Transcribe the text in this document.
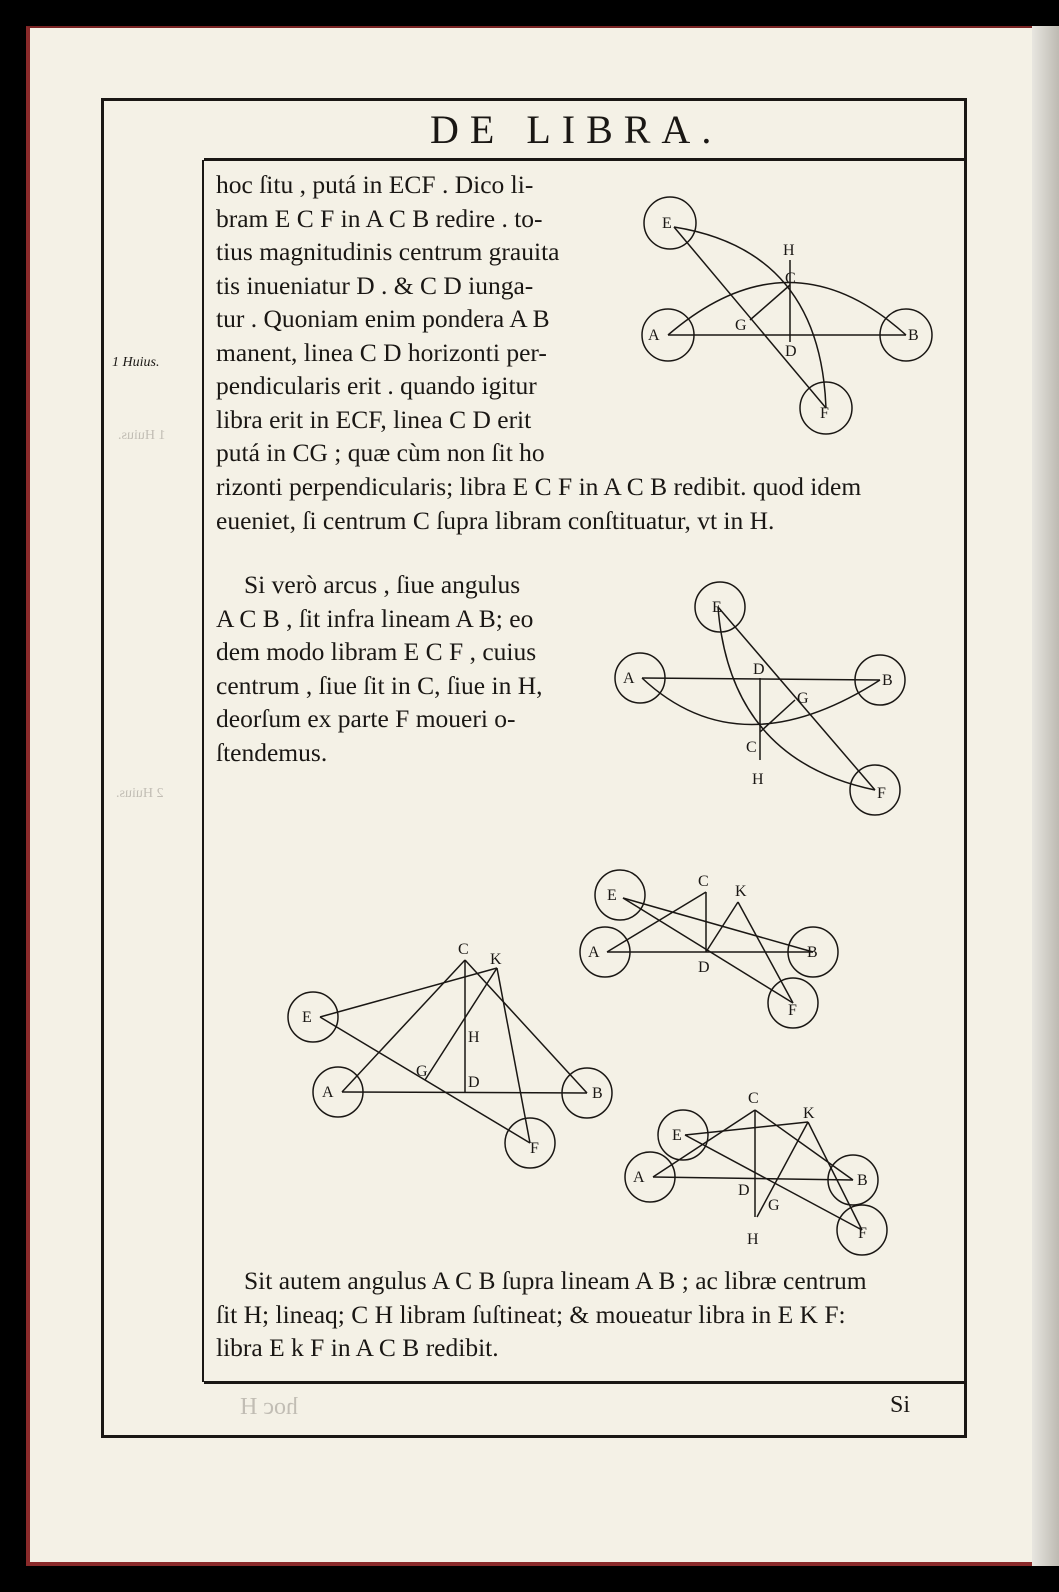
DE LIBRA.
1 Huius.
1 Huius.
2 Huius.
hoc H
hoc ſitu , putá in ECF . Dico li-
bram E C F in A C B redire . to-
tius magnitudinis centrum grauita
tis inueniatur D . & C D iunga-
tur . Quoniam enim pondera A B
manent, linea C D horizonti per-
pendicularis erit . quando igitur
libra erit in ECF, linea C D erit
putá in CG ; quæ cùm non ſit ho
rizonti perpendicularis; libra E C F in A C B redibit. quod idem
eueniet, ſi centrum C ſupra libram conſtituatur, vt in H.
Si verò arcus , ſiue angulus
A C B , ſit infra lineam A B; eo
dem modo libram E C F , cuius
centrum , ſiue ſit in C, ſiue in H,
deorſum ex parte F moueri o-
ſtendemus.
Sit autem angulus A C B ſupra lineam A B ; ac libræ centrum
ſit H; lineaq; C H libram ſuſtineat; & moueatur libra in E K F:
libra E k F in A C B redibit.
Si
E
H
C
G
A
D
B
F
E
A
D
B
G
C
H
F
E
C
K
A
D
B
F
C
K
E
H
G
D
A	B
F
C
K
E
A
D
G
B
H	F
